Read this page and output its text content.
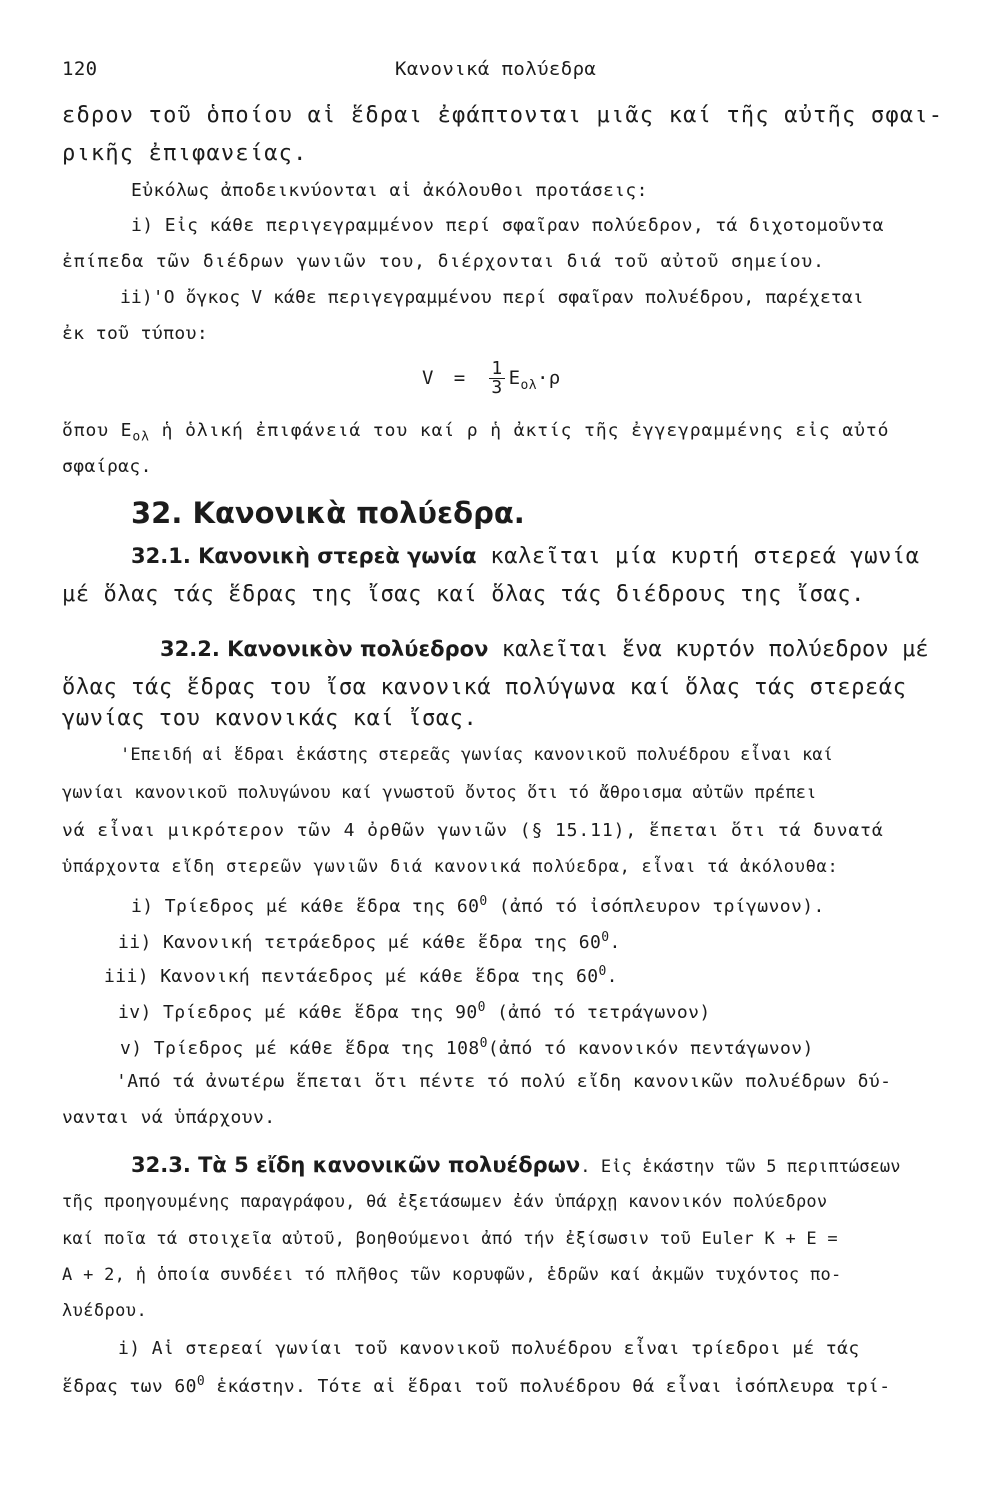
120	Κανονικά πολύεδρα
εδρον τοῦ ὁποίου αἱ ἕδραι ἐφάπτονται μιᾶς καί τῆς αὐτῆς σφαι-
ρικῆς ἐπιφανείας.
Εὐκόλως ἀποδεικνύονται αἱ ἀκόλουθοι προτάσεις:
i) Εἰς κάθε περιγεγραμμένον περί σφαῖραν πολύεδρον, τά διχοτομοῦντα
ἐπίπεδα τῶν διέδρων γωνιῶν του, διέρχονται διά τοῦ αὐτοῦ σημείου.
ii)'Ο ὄγκος V κάθε περιγεγραμμένου περί σφαῖραν πολυέδρου, παρέχεται
ἐκ τοῦ τύπου:
$V = \frac{1}{3} E_{o\lambda}\cdot\rho$
ὅπου $E_{o\lambda}$ ἡ ὁλική ἐπιφάνειά του καί ρ ἡ ἀκτίς τῆς ἐγγεγραμμένης εἰς αὐτό
σφαίρας.
32. Κανονικὰ πολύεδρα.
32.1. Κανονικὴ στερεὰ γωνία καλεῖται μία κυρτή στερεά γωνία
μέ ὅλας τάς ἕδρας της ἴσας καί ὅλας τάς διέδρους της ἴσας.
32.2. Κανονικὸν πολύεδρον καλεῖται ἕνα κυρτόν πολύεδρον μέ
ὅλας τάς ἕδρας του ἴσα κανονικά πολύγωνα καί ὅλας τάς στερεάς
γωνίας του κανονικάς καί ἴσας.
'Επειδή αἱ ἕδραι ἑκάστης στερεᾶς γωνίας κανονικοῦ πολυέδρου εἶναι καί
γωνίαι κανονικοῦ πολυγώνου καί γνωστοῦ ὄντος ὅτι τό ἄθροισμα αὐτῶν πρέπει
νά εἶναι μικρότερον τῶν 4 ὀρθῶν γωνιῶν (§ 15.11), ἕπεται ὅτι τά δυνατά
ὑπάρχοντα εἴδη στερεῶν γωνιῶν διά κανονικά πολύεδρα, εἶναι τά ἀκόλουθα:
i) Τρίεδρος μέ κάθε ἕδρα της $60^0$ (ἀπό τό ἰσόπλευρον τρίγωνον).
ii) Κανονική τετράεδρος μέ κάθε ἕδρα της $60^0$.
iii) Κανονική πεντάεδρος μέ κάθε ἕδρα της $60^0$.
iv) Τρίεδρος μέ κάθε ἕδρα της $90^0$ (ἀπό τό τετράγωνον)
v) Τρίεδρος μέ κάθε ἕδρα της $108^0(ἀ\pi ό$ τό κανονικόν πεντάγωνον)
'Από τά ἀνωτέρω ἕπεται ὅτι πέντε τό πολύ εἴδη κανονικῶν πολυέδρων δύ-
νανται νά ὑπάρχουν.
32.3. Τὰ 5 εἴδη κανονικῶν πολυέδρων. Εἰς ἑκάστην τῶν 5 περιπτώσεων
τῆς προηγουμένης παραγράφου, θά ἐξετάσωμεν ἐάν ὑπάρχῃ κανονικόν πολύεδρον
καί ποῖα τά στοιχεῖα αὐτοῦ, βοηθούμενοι ἀπό τήν ἐξίσωσιν τοῦ Euler K + E =
A + 2, ἡ ὁποία συνδέει τό πλῆθος τῶν κορυφῶν, ἑδρῶν καί ἀκμῶν τυχόντος πο-
λυέδρου.
i) Αἱ στερεαί γωνίαι τοῦ κανονικοῦ πολυέδρου εἶναι τρίεδροι μέ τάς
ἕδρας των $60^0$ ἑκάστην. Τότε αἱ ἕδραι τοῦ πολυέδρου θά εἶναι ἰσόπλευρα τρί-
